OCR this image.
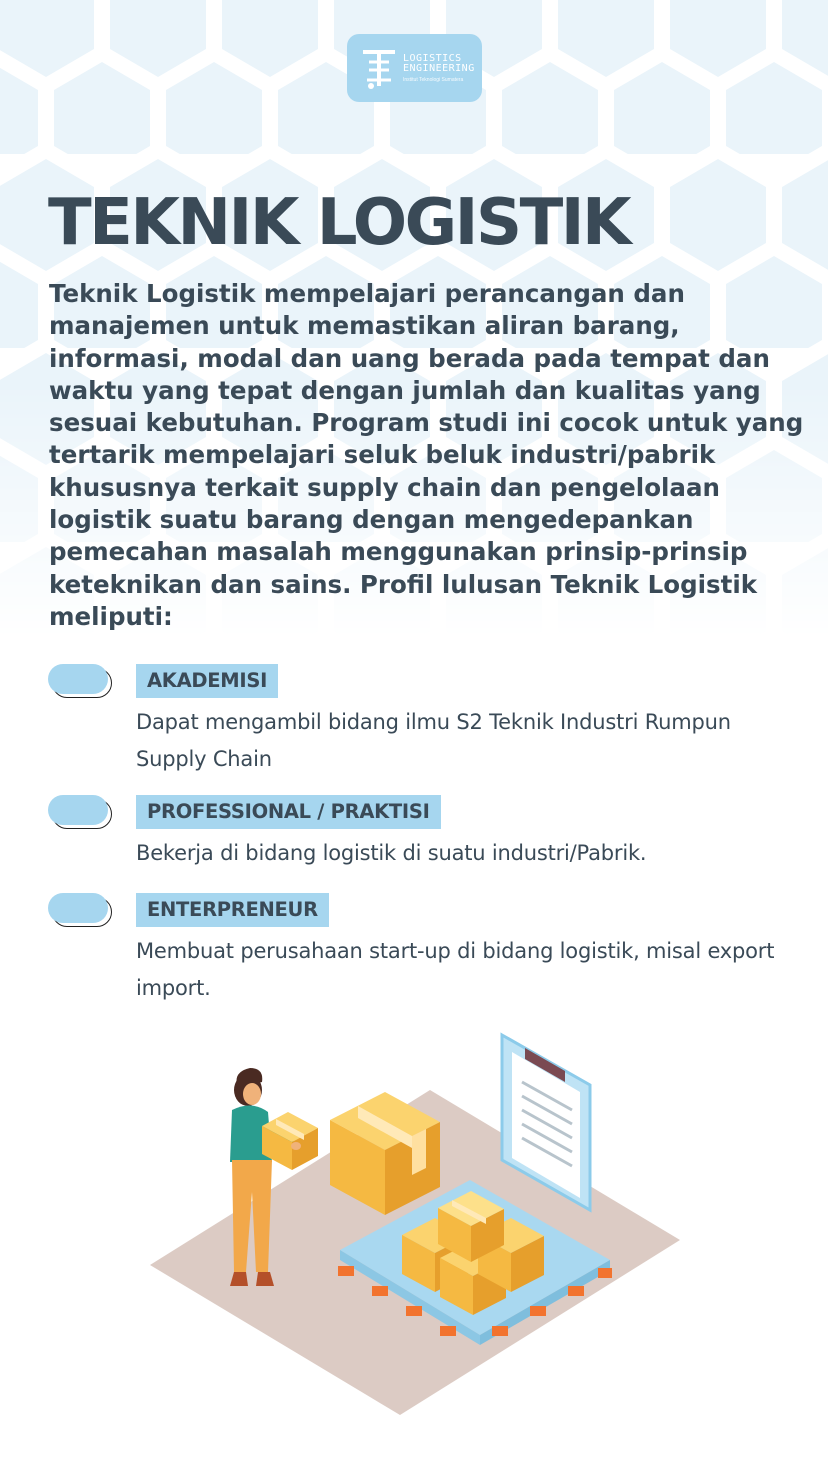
LOGISTICS
ENGINEERING
Institut Teknologi Sumatera
TEKNIK LOGISTIK

Teknik Logistik mempelajari perancangan dan manajemen untuk memastikan aliran barang, informasi, modal dan uang berada pada tempat dan waktu yang tepat dengan jumlah dan kualitas yang sesuai kebutuhan. Program studi ini cocok untuk yang tertarik mempelajari seluk beluk industri/pabrik khususnya terkait supply chain dan pengelolaan logistik suatu barang dengan mengedepankan pemecahan masalah menggunakan prinsip-prinsip keteknikan dan sains. Profil lulusan Teknik Logistik meliputi:

AKADEMISI
Dapat mengambil bidang ilmu S2 Teknik Industri Rumpun Supply Chain
PROFESSIONAL / PRAKTISI
Bekerja di bidang logistik di suatu industri/Pabrik.
ENTERPRENEUR
Membuat perusahaan start-up di bidang logistik, misal export import.
